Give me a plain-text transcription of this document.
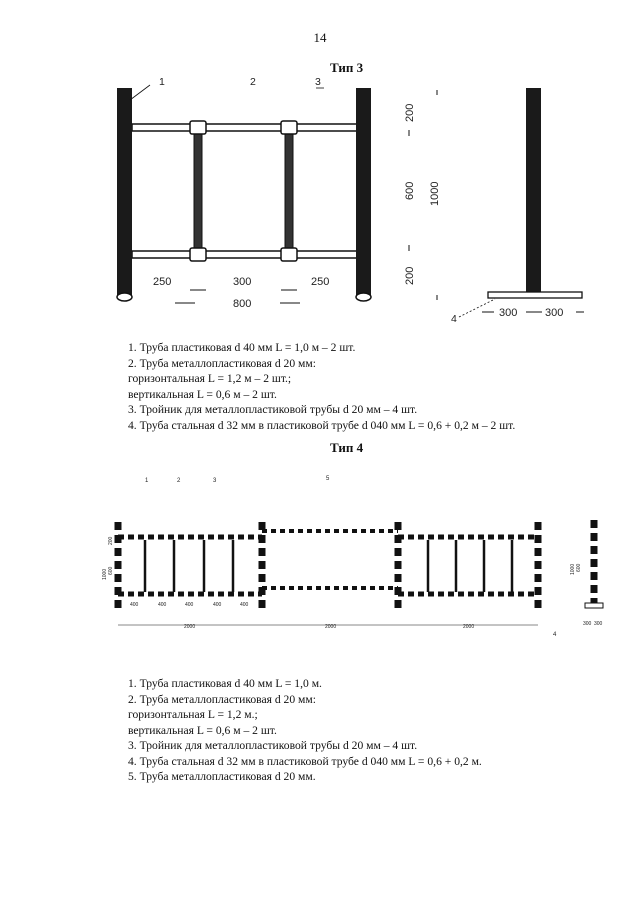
14
Тип 3
1	2	3
250	300	250
800
200
600 1000
200
4	300	300
1	2	3	5
4
400	400	400	400	400
2000	2000	2000
1000 600
200
1000 600
300 300
1. Труба пластиковая d 40 мм L = 1,0 м – 2 шт.
2. Труба металлопластиковая d 20 мм:
горизонтальная L = 1,2 м – 2 шт.;
вертикальная L = 0,6 м – 2 шт.
3. Тройник для металлопластиковой трубы d 20 мм – 4 шт.
4. Труба стальная d 32 мм в пластиковой трубе d 040 мм L = 0,6 + 0,2 м – 2 шт.
Тип 4
1. Труба пластиковая d 40 мм L = 1,0 м.
2. Труба металлопластиковая d 20 мм:
горизонтальная L = 1,2 м.;
вертикальная L = 0,6 м – 2 шт.
3. Тройник для металлопластиковой трубы d 20 мм – 4 шт.
4. Труба стальная d 32 мм в пластиковой трубе d 040 мм L = 0,6 + 0,2 м.
5. Труба металлопластиковая d 20 мм.
